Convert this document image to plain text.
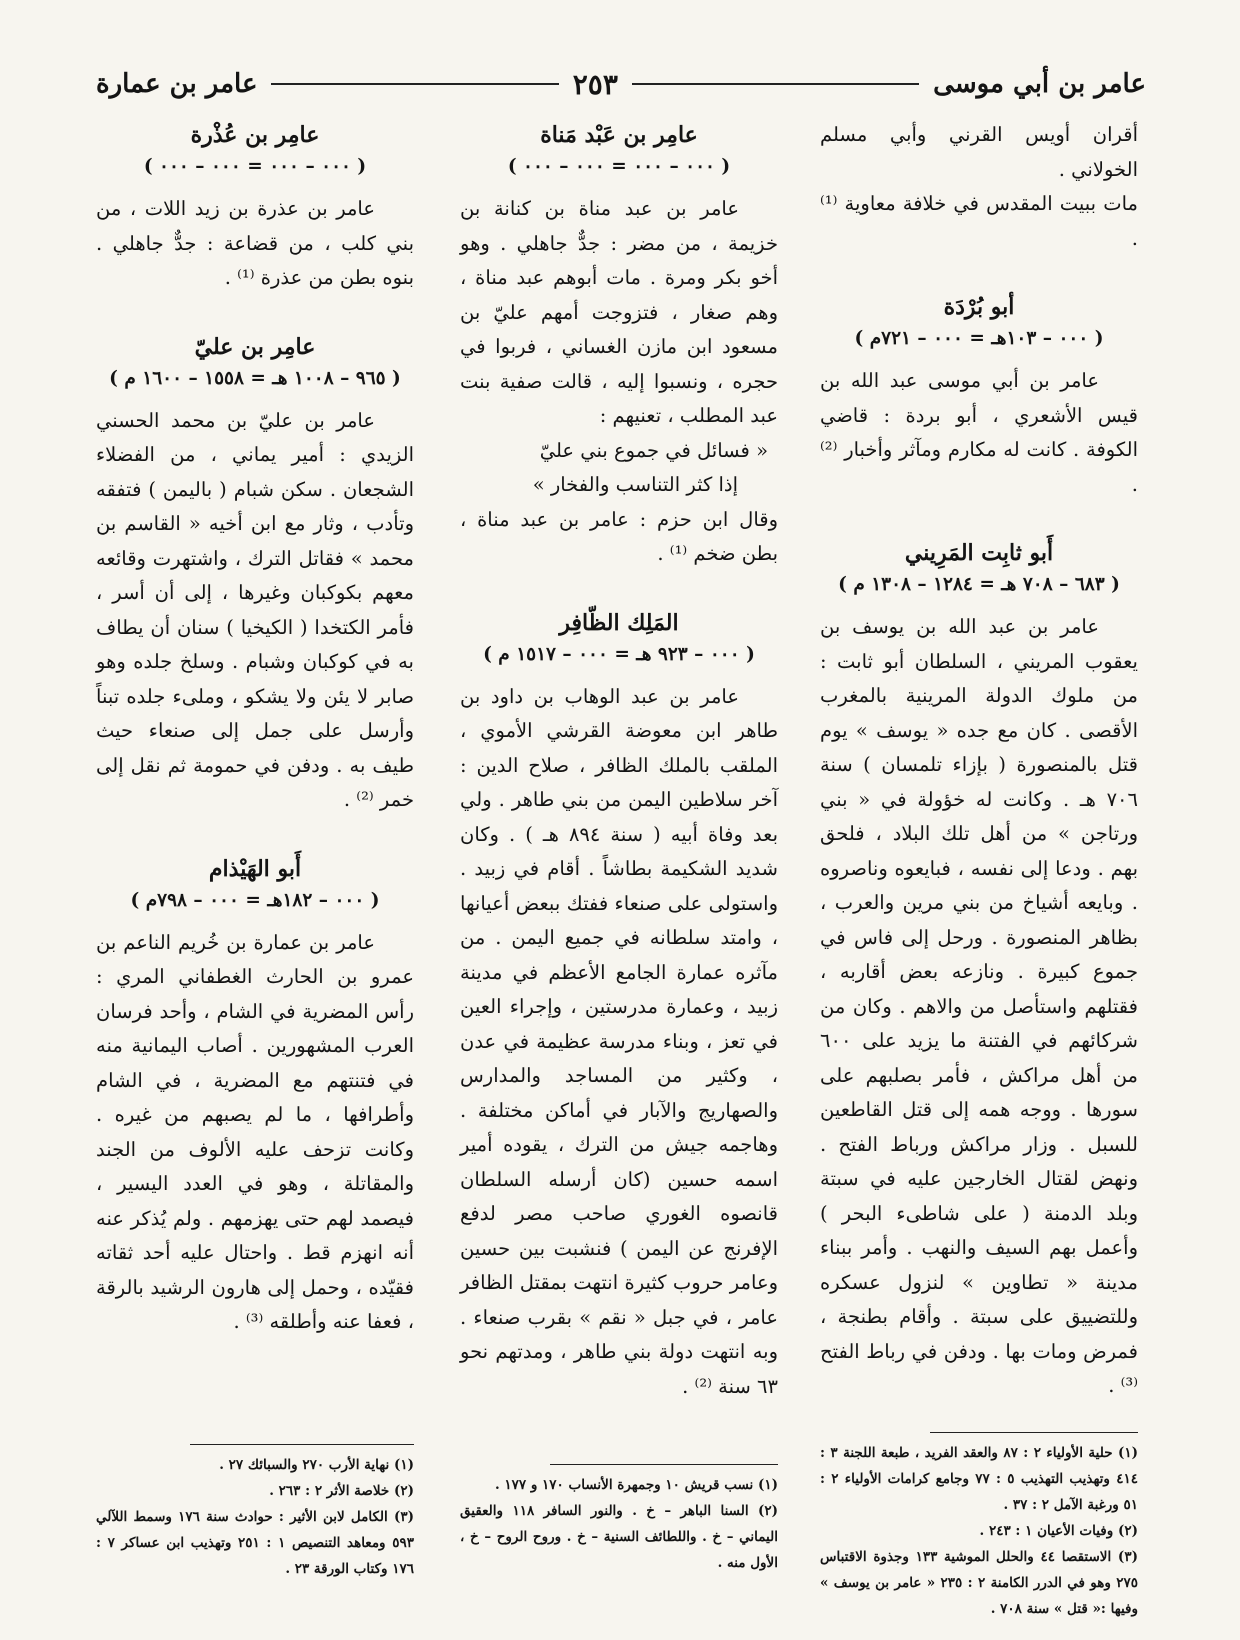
عامر بن أبي موسى
٢٥٣
عامر بن عمارة

أقران أويس القرني وأبي مسلم الخولاني .

مات ببيت المقدس في خلافة معاوية ⁽¹⁾ .

أبو بُرْدَة

( ٠٠٠ – ١٠٣هـ = ٠٠٠ – ٧٢١م )

عامر بن أبي موسى عبد الله بن قيس الأشعري ، أبو بردة : قاضي الكوفة . كانت له مكارم ومآثر وأخبار ⁽²⁾ .

أَبو ثابِت المَرِيني

( ٦٨٣ – ٧٠٨ هـ = ١٢٨٤ – ١٣٠٨ م )

عامر بن عبد الله بن يوسف بن يعقوب المريني ، السلطان أبو ثابت : من ملوك الدولة المرينية بالمغرب الأقصى . كان مع جده « يوسف » يوم قتل بالمنصورة ( بإزاء تلمسان ) سنة ٧٠٦ هـ . وكانت له خؤولة في « بني ورتاجن » من أهل تلك البلاد ، فلحق بهم . ودعا إلى نفسه ، فبايعوه وناصروه . وبايعه أشياخ من بني مرين والعرب ، بظاهر المنصورة . ورحل إلى فاس في جموع كبيرة . ونازعه بعض أقاربه ، فقتلهم واستأصل من والاهم . وكان من شركائهم في الفتنة ما يزيد على ٦٠٠ من أهل مراكش ، فأمر بصلبهم على سورها . ووجه همه إلى قتل القاطعين للسبل . وزار مراكش ورباط الفتح . ونهض لقتال الخارجين عليه في سبتة وبلد الدمنة ( على شاطىء البحر ) وأعمل بهم السيف والنهب . وأمر ببناء مدينة « تطاوين » لنزول عسكره وللتضييق على سبتة . وأقام بطنجة ، فمرض ومات بها . ودفن في رباط الفتح ⁽³⁾ .

عامِر بن عَبْد مَناة

( ٠٠٠ – ٠٠٠ = ٠٠٠ – ٠٠٠ )

عامر بن عبد مناة بن كنانة بن خزيمة ، من مضر : جدٌّ جاهلي . وهو أخو بكر ومرة . مات أبوهم عبد مناة ، وهم صغار ، فتزوجت أمهم عليّ بن مسعود ابن مازن الغساني ، فربوا في حجره ، ونسبوا إليه ، قالت صفية بنت عبد المطلب ، تعنيهم :

« فسائل في جموع بني عليّ

إذا كثر التناسب والفخار »

وقال ابن حزم : عامر بن عبد مناة ، بطن ضخم ⁽¹⁾ .

المَلِك الظّافِر

( ٠٠٠ – ٩٢٣ هـ = ٠٠٠ – ١٥١٧ م )

عامر بن عبد الوهاب بن داود بن طاهر ابن معوضة القرشي الأموي ، الملقب بالملك الظافر ، صلاح الدين : آخر سلاطين اليمن من بني طاهر . ولي بعد وفاة أبيه ( سنة ٨٩٤ هـ ) . وكان شديد الشكيمة بطاشاً . أقام في زبيد . واستولى على صنعاء ففتك ببعض أعيانها ، وامتد سلطانه في جميع اليمن . من مآثره عمارة الجامع الأعظم في مدينة زبيد ، وعمارة مدرستين ، وإجراء العين في تعز ، وبناء مدرسة عظيمة في عدن ، وكثير من المساجد والمدارس والصهاريج والآبار في أماكن مختلفة . وهاجمه جيش من الترك ، يقوده أمير اسمه حسين (كان أرسله السلطان قانصوه الغوري صاحب مصر لدفع الإفرنج عن اليمن ) فنشبت بين حسين وعامر حروب كثيرة انتهت بمقتل الظافر عامر ، في جبل « نقم » بقرب صنعاء . وبه انتهت دولة بني طاهر ، ومدتهم نحو ٦٣ سنة ⁽²⁾ .

عامِر بن عُذْرة

( ٠٠٠ – ٠٠٠ = ٠٠٠ – ٠٠٠ )

عامر بن عذرة بن زيد اللات ، من بني كلب ، من قضاعة : جدٌّ جاهلي . بنوه بطن من عذرة ⁽¹⁾ .

عامِر بن عليّ

( ٩٦٥ – ١٠٠٨ هـ = ١٥٥٨ – ١٦٠٠ م )

عامر بن عليّ بن محمد الحسني الزيدي : أمير يماني ، من الفضلاء الشجعان . سكن شبام ( باليمن ) فتفقه وتأدب ، وثار مع ابن أخيه « القاسم بن محمد » فقاتل الترك ، واشتهرت وقائعه معهم بكوكبان وغيرها ، إلى أن أسر ، فأمر الكتخدا ( الكيخيا ) سنان أن يطاف به في كوكبان وشبام . وسلخ جلده وهو صابر لا يئن ولا يشكو ، وملىء جلده تبناً وأرسل على جمل إلى صنعاء حيث طيف به . ودفن في حمومة ثم نقل إلى خمر ⁽²⁾ .

أَبو الهَيْذام

( ٠٠٠ – ١٨٢هـ = ٠٠٠ – ٧٩٨م )

عامر بن عمارة بن خُريم الناعم بن عمرو بن الحارث الغطفاني المري : رأس المضرية في الشام ، وأحد فرسان العرب المشهورين . أصاب اليمانية منه في فتنتهم مع المضرية ، في الشام وأطرافها ، ما لم يصبهم من غيره . وكانت تزحف عليه الألوف من الجند والمقاتلة ، وهو في العدد اليسير ، فيصمد لهم حتى يهزمهم . ولم يُذكر عنه أنه انهزم قط . واحتال عليه أحد ثقاته فقيّده ، وحمل إلى هارون الرشيد بالرقة ، فعفا عنه وأطلقه ⁽³⁾ .

(١) حلية الأولياء ٢ : ٨٧ والعقد الفريد ، طبعة اللجنة ٣ : ٤١٤ وتهذيب التهذيب ٥ : ٧٧ وجامع كرامات الأولياء ٢ : ٥١ ورغبة الآمل ٢ : ٣٧ .

(٢) وفيات الأعيان ١ : ٢٤٣ .

(٣) الاستقصا ٤٤ والحلل الموشية ١٣٣ وجذوة الاقتباس ٢٧٥ وهو في الدرر الكامنة ٢ : ٢٣٥ « عامر بن يوسف » وفيها :« قتل » سنة ٧٠٨ .

(١) نسب قريش ١٠ وجمهرة الأنساب ١٧٠ و ١٧٧ .

(٢) السنا الباهر – خ . والنور السافر ١١٨ والعقيق اليماني – خ . واللطائف السنية – خ . وروح الروح – خ ، الأول منه .

(١) نهاية الأرب ٢٧٠ والسبائك ٢٧ .

(٢) خلاصة الأثر ٢ : ٢٦٣ .

(٣) الكامل لابن الأثير : حوادث سنة ١٧٦ وسمط اللآلي ٥٩٣ ومعاهد التنصيص ١ : ٢٥١ وتهذيب ابن عساكر ٧ : ١٧٦ وكتاب الورقة ٢٣ .
